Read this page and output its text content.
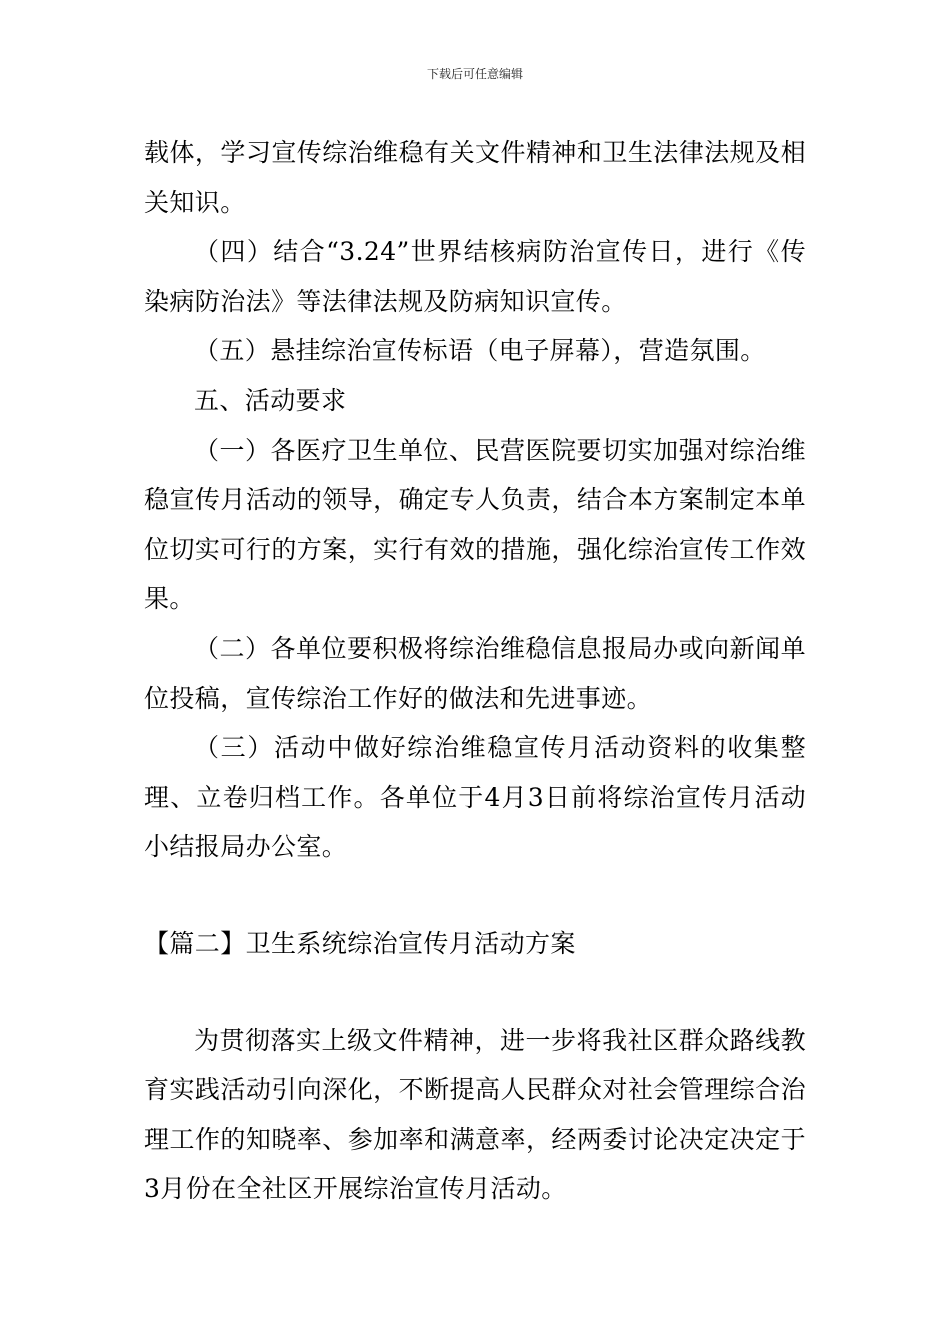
下载后可任意编辑

载体，学习宣传综治维稳有关文件精神和卫生法律法规及相关知识。

（四）结合“3.24”世界结核病防治宣传日，进行《传染病防治法》等法律法规及防病知识宣传。

（五）悬挂综治宣传标语（电子屏幕），营造氛围。

五、活动要求

（一）各医疗卫生单位、民营医院要切实加强对综治维稳宣传月活动的领导，确定专人负责，结合本方案制定本单位切实可行的方案，实行有效的措施，强化综治宣传工作效果。

（二）各单位要积极将综治维稳信息报局办或向新闻单位投稿，宣传综治工作好的做法和先进事迹。

（三）活动中做好综治维稳宣传月活动资料的收集整理、立卷归档工作。各单位于4月3日前将综治宣传月活动小结报局办公室。

【篇二】卫生系统综治宣传月活动方案

为贯彻落实上级文件精神，进一步将我社区群众路线教育实践活动引向深化，不断提高人民群众对社会管理综合治理工作的知晓率、参加率和满意率，经两委讨论决定决定于3月份在全社区开展综治宣传月活动。
